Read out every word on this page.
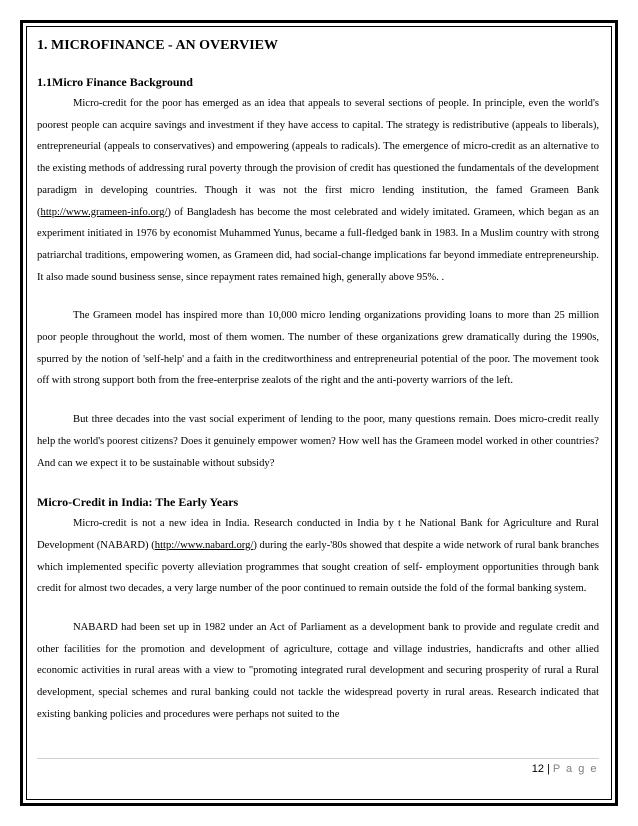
1. MICROFINANCE - AN OVERVIEW
1.1Micro Finance Background

Micro-credit for the poor has emerged as an idea that appeals to several sections of people. In principle, even the world's poorest people can acquire savings and investment if they have access to capital. The strategy is redistributive (appeals to liberals), entrepreneurial (appeals to conservatives) and empowering (appeals to radicals). The emergence of micro-credit as an alternative to the existing methods of addressing rural poverty through the provision of credit has questioned the fundamentals of the development paradigm in developing countries. Though it was not the first micro lending institution, the famed Grameen Bank (http://www.grameen-info.org/) of Bangladesh has become the most celebrated and widely imitated. Grameen, which began as an experiment initiated in 1976 by economist Muhammed Yunus, became a full-fledged bank in 1983. In a Muslim country with strong patriarchal traditions, empowering women, as Grameen did, had social-change implications far beyond immediate entrepreneurship. It also made sound business sense, since repayment rates remained high, generally above 95%. .

The Grameen model has inspired more than 10,000 micro lending organizations providing loans to more than 25 million poor people throughout the world, most of them women. The number of these organizations grew dramatically during the 1990s, spurred by the notion of 'self-help' and a faith in the creditworthiness and entrepreneurial potential of the poor. The movement took off with strong support both from the free-enterprise zealots of the right and the anti-poverty warriors of the left.

But three decades into the vast social experiment of lending to the poor, many questions remain. Does micro-credit really help the world's poorest citizens? Does it genuinely empower women? How well has the Grameen model worked in other countries? And can we expect it to be sustainable without subsidy?

Micro-Credit in India: The Early Years

Micro-credit is not a new idea in India. Research conducted in India by t he National Bank for Agriculture and Rural Development (NABARD) (http://www.nabard.org/) during the early-'80s showed that despite a wide network of rural bank branches which implemented specific poverty alleviation programmes that sought creation of self- employment opportunities through bank credit for almost two decades, a very large number of the poor continued to remain outside the fold of the formal banking system.

NABARD had been set up in 1982 under an Act of Parliament as a development bank to provide and regulate credit and other facilities for the promotion and development of agriculture, cottage and village industries, handicrafts and other allied economic activities in rural areas with a view to "promoting integrated rural development and securing prosperity of rural a Rural development, special schemes and rural banking could not tackle the widespread poverty in rural areas. Research indicated that existing banking policies and procedures were perhaps not suited to the

12 | P a g e
